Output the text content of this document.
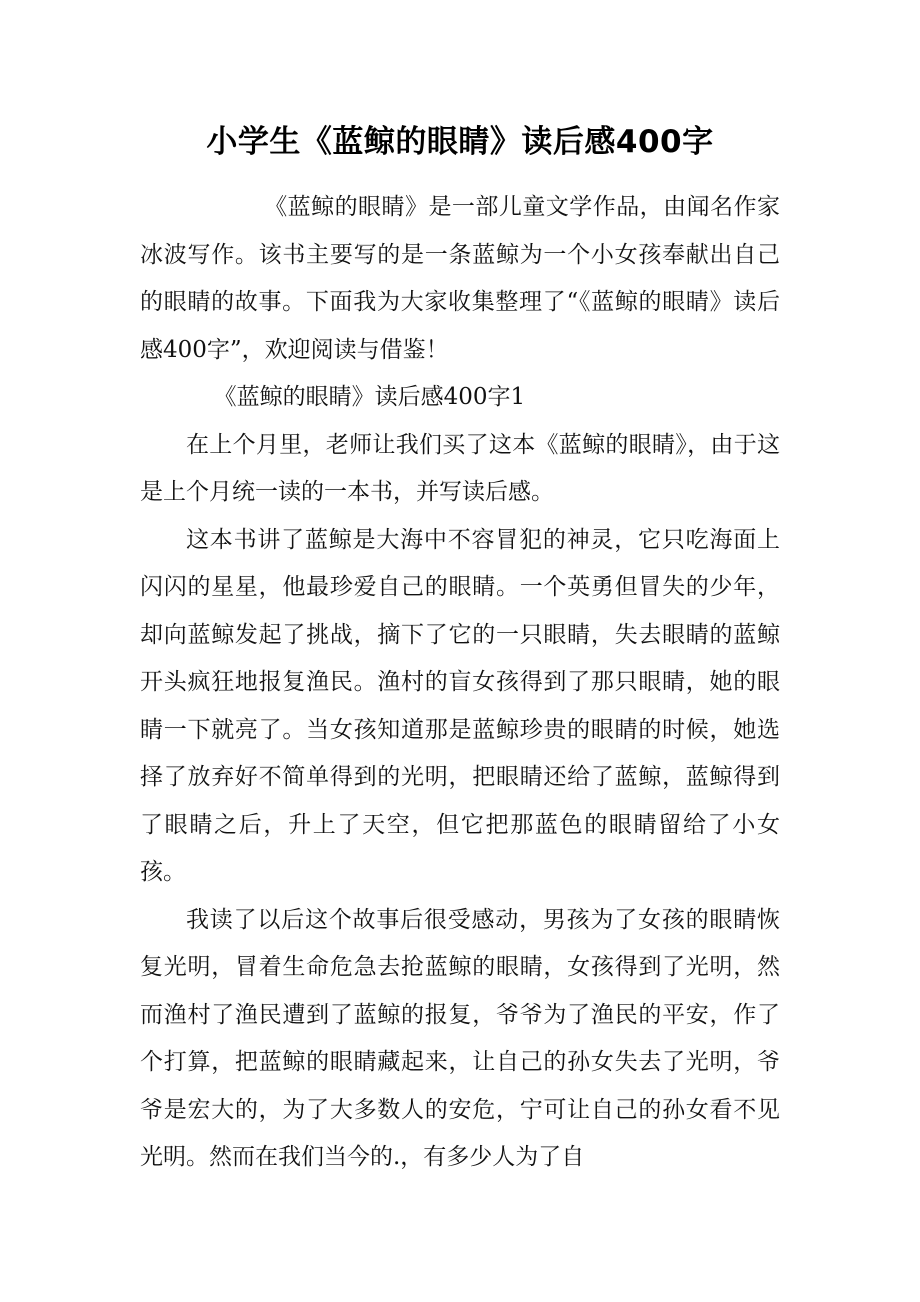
小学生《蓝鲸的眼睛》读后感400字

《蓝鲸的眼睛》是一部儿童文学作品，由闻名作家冰波写作。该书主要写的是一条蓝鲸为一个小女孩奉献出自己的眼睛的故事。下面我为大家收集整理了“《蓝鲸的眼睛》读后感400字”，欢迎阅读与借鉴！

《蓝鲸的眼睛》读后感400字1

在上个月里，老师让我们买了这本《蓝鲸的眼睛》，由于这是上个月统一读的一本书，并写读后感。

这本书讲了蓝鲸是大海中不容冒犯的神灵，它只吃海面上闪闪的星星，他最珍爱自己的眼睛。一个英勇但冒失的少年，却向蓝鲸发起了挑战，摘下了它的一只眼睛，失去眼睛的蓝鲸开头疯狂地报复渔民。渔村的盲女孩得到了那只眼睛，她的眼睛一下就亮了。当女孩知道那是蓝鲸珍贵的眼睛的时候，她选择了放弃好不简单得到的光明，把眼睛还给了蓝鲸，蓝鲸得到了眼睛之后，升上了天空，但它把那蓝色的眼睛留给了小女孩。

我读了以后这个故事后很受感动，男孩为了女孩的眼睛恢复光明，冒着生命危急去抢蓝鲸的眼睛，女孩得到了光明，然而渔村了渔民遭到了蓝鲸的报复，爷爷为了渔民的平安，作了个打算，把蓝鲸的眼睛藏起来，让自己的孙女失去了光明，爷爷是宏大的，为了大多数人的安危，宁可让自己的孙女看不见光明。然而在我们当今的.，有多少人为了自
